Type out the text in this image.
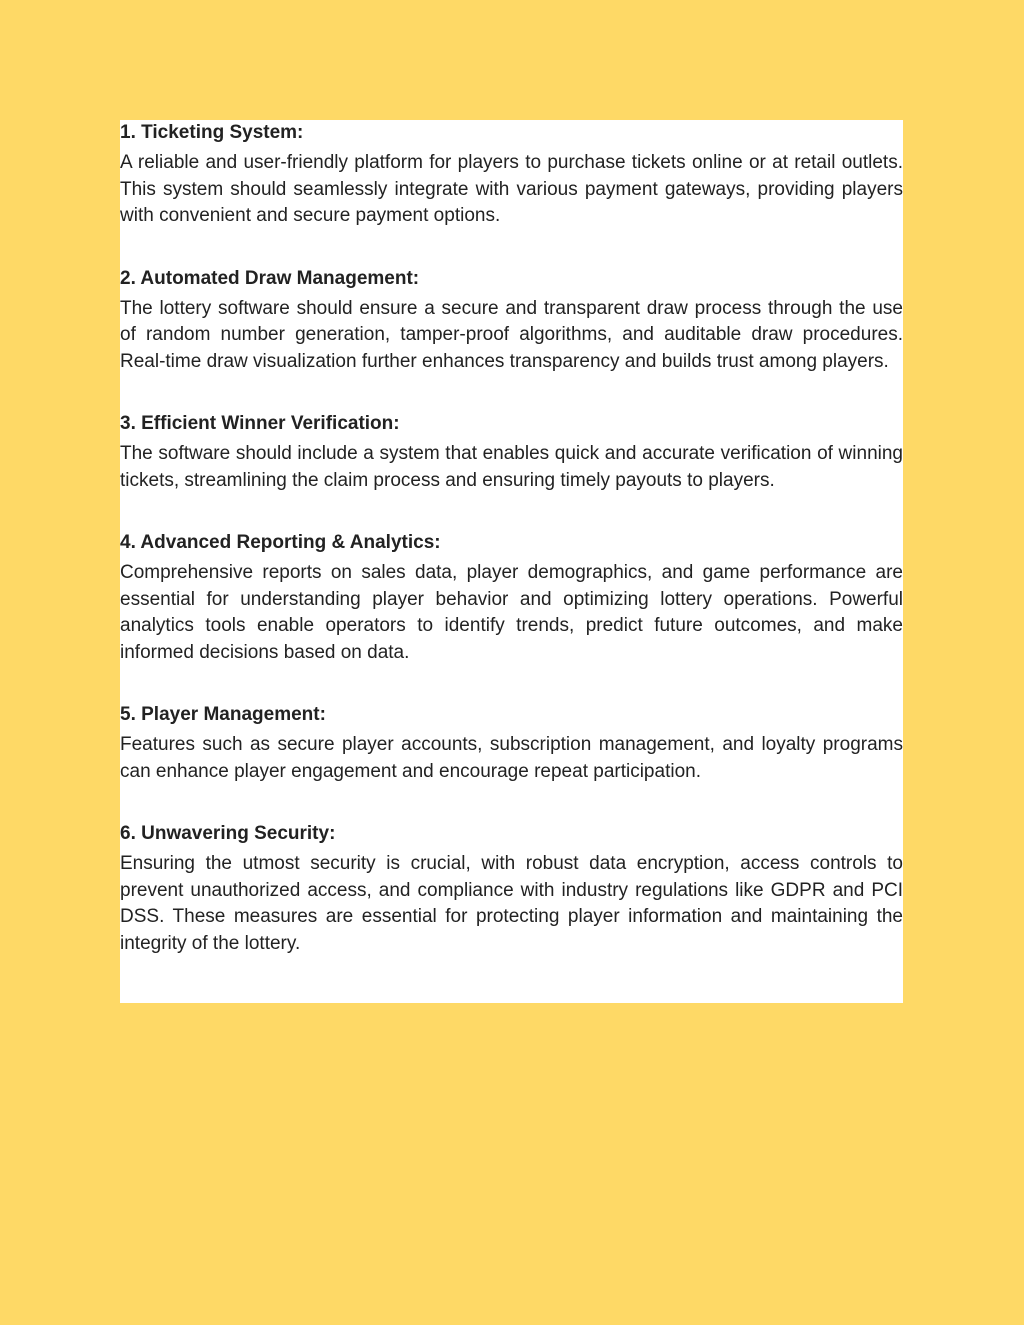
1. Ticketing System:

A reliable and user-friendly platform for players to purchase tickets online or at retail outlets. This system should seamlessly integrate with various payment gateways, providing players with convenient and secure payment options.

2. Automated Draw Management:

The lottery software should ensure a secure and transparent draw process through the use of random number generation, tamper-proof algorithms, and auditable draw procedures. Real-time draw visualization further enhances transparency and builds trust among players.

3. Efficient Winner Verification:

The software should include a system that enables quick and accurate verification of winning tickets, streamlining the claim process and ensuring timely payouts to players.

4. Advanced Reporting & Analytics:

Comprehensive reports on sales data, player demographics, and game performance are essential for understanding player behavior and optimizing lottery operations. Powerful analytics tools enable operators to identify trends, predict future outcomes, and make informed decisions based on data.

5. Player Management:

Features such as secure player accounts, subscription management, and loyalty programs can enhance player engagement and encourage repeat participation.

6. Unwavering Security:

Ensuring the utmost security is crucial, with robust data encryption, access controls to prevent unauthorized access, and compliance with industry regulations like GDPR and PCI DSS. These measures are essential for protecting player information and maintaining the integrity of the lottery.
